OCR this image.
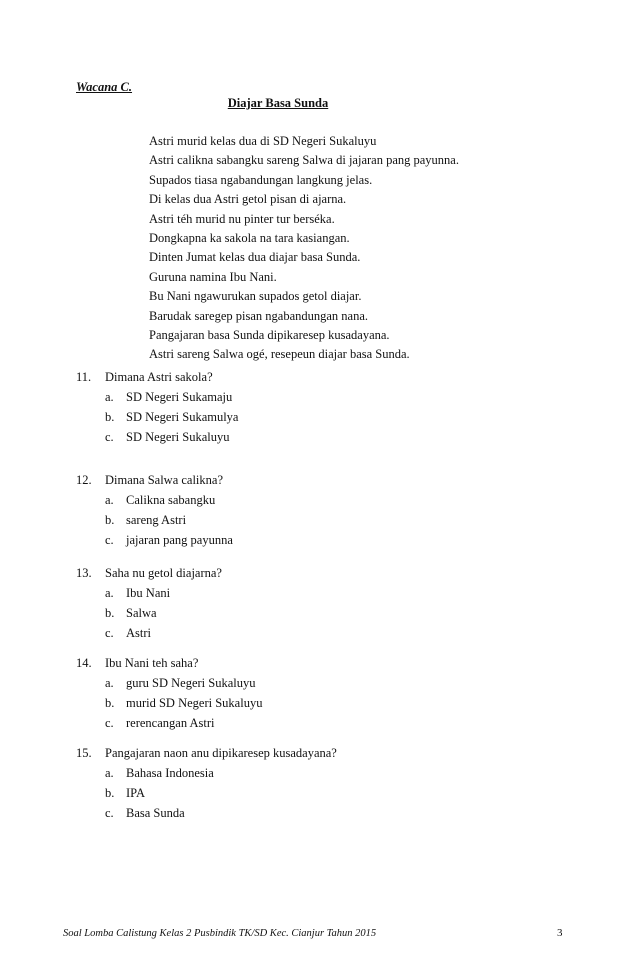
Wacana C.
Diajar Basa Sunda
Astri murid kelas dua di SD Negeri Sukaluyu
Astri calikna sabangku sareng Salwa di jajaran pang payunna.
Supados tiasa ngabandungan langkung jelas.
Di kelas dua Astri getol pisan di ajarna.
Astri téh murid nu pinter tur berséka.
Dongkapna ka sakola na tara kasiangan.
Dinten Jumat kelas dua diajar basa Sunda.
Guruna namina Ibu Nani.
Bu Nani ngawurukan supados getol diajar.
Barudak saregep pisan ngabandungan nana.
Pangajaran basa Sunda dipikaresep kusadayana.
Astri sareng Salwa ogé, resepeun diajar basa Sunda.
11. Dimana Astri sakola?
a. SD Negeri Sukamaju
b. SD Negeri Sukamulya
c. SD Negeri Sukaluyu
12. Dimana Salwa calikna?
a. Calikna sabangku
b. sareng Astri
c. jajaran pang payunna
13. Saha nu getol diajarna?
a. Ibu Nani
b. Salwa
c. Astri
14. Ibu Nani teh saha?
a. guru SD Negeri Sukaluyu
b. murid SD Negeri Sukaluyu
c. rerencangan Astri
15. Pangajaran naon anu dipikaresep kusadayana?
a. Bahasa Indonesia
b. IPA
c. Basa Sunda
Soal Lomba Calistung Kelas 2 Pusbindik TK/SD Kec. Cianjur Tahun 2015	3
